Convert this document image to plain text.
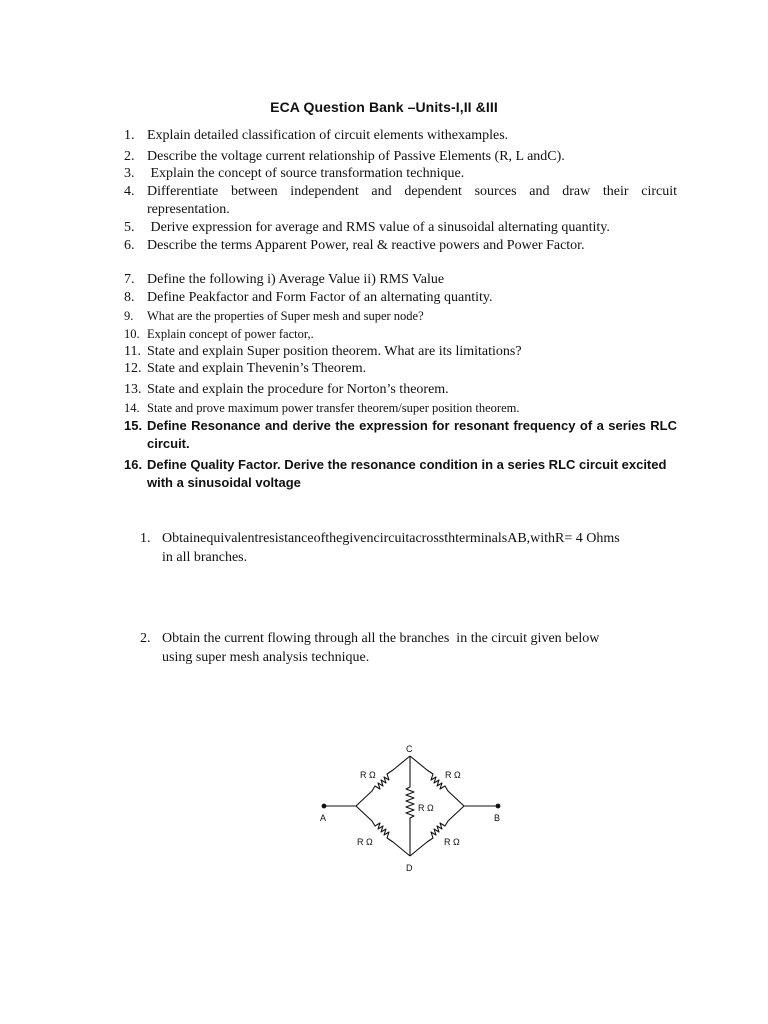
ECA Question Bank –Units-I,II &III
1. Explain detailed classification of circuit elements withexamples.
2. Describe the voltage current relationship of Passive Elements (R, L andC).
3. Explain the concept of source transformation technique.
4. Differentiate between independent and dependent sources and draw their circuit
representation.
5. Derive expression for average and RMS value of a sinusoidal alternating quantity.
6. Describe the terms Apparent Power, real & reactive powers and Power Factor.
7. Define the following i) Average Value ii) RMS Value
8. Define Peakfactor and Form Factor of an alternating quantity.
9. What are the properties of Super mesh and super node?
10. Explain concept of power factor,.
11. State and explain Super position theorem. What are its limitations?
12. State and explain Thevenin’s Theorem.
13. State and explain the procedure for Norton’s theorem.
14. State and prove maximum power transfer theorem/super position theorem.
15. Define Resonance and derive the expression for resonant frequency of a series RLC
circuit.
16. Define Quality Factor. Derive the resonance condition in a series RLC circuit excited
with a sinusoidal voltage
1. ObtainequivalentresistanceofthegivencircuitacrossthterminalsAB,withR= 4 Ohms
in all branches.
2. Obtain the current flowing through all the branches  in the circuit given below
using super mesh analysis technique.
A	B
C
D
R Ω	R Ω
R Ω
R Ω	R Ω
